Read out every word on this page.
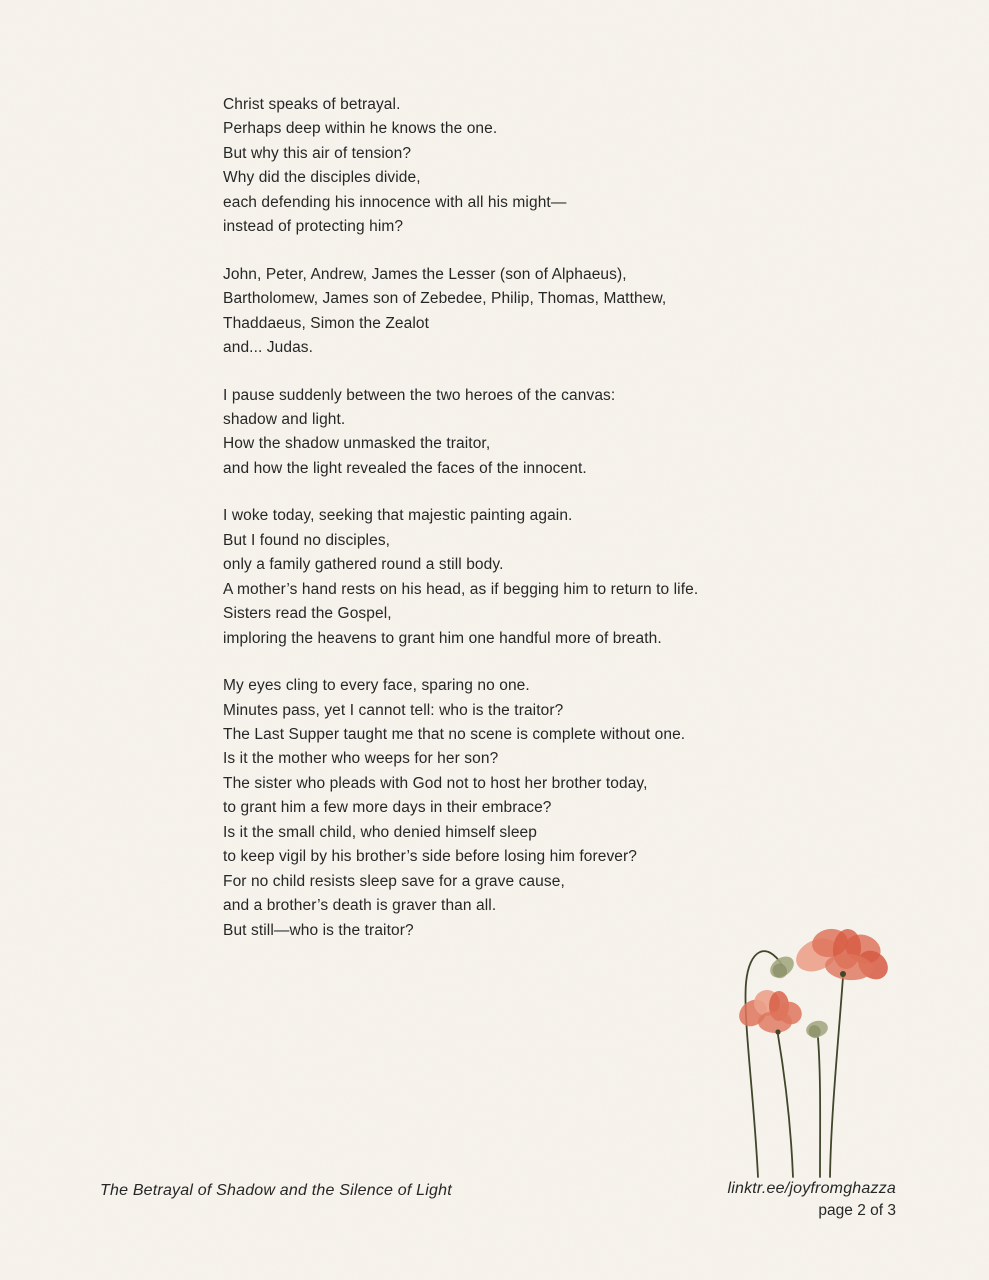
Christ speaks of betrayal.
Perhaps deep within he knows the one.
But why this air of tension?
Why did the disciples divide,
each defending his innocence with all his might—
instead of protecting him?
John, Peter, Andrew, James the Lesser (son of Alphaeus),
Bartholomew, James son of Zebedee, Philip, Thomas, Matthew,
Thaddaeus, Simon the Zealot
and... Judas.
I pause suddenly between the two heroes of the canvas:
shadow and light.
How the shadow unmasked the traitor,
and how the light revealed the faces of the innocent.
I woke today, seeking that majestic painting again.
But I found no disciples,
only a family gathered round a still body.
A mother’s hand rests on his head, as if begging him to return to life.
Sisters read the Gospel,
imploring the heavens to grant him one handful more of breath.
My eyes cling to every face, sparing no one.
Minutes pass, yet I cannot tell: who is the traitor?
The Last Supper taught me that no scene is complete without one.
Is it the mother who weeps for her son?
The sister who pleads with God not to host her brother today,
to grant him a few more days in their embrace?
Is it the small child, who denied himself sleep
to keep vigil by his brother’s side before losing him forever?
For no child resists sleep save for a grave cause,
and a brother’s death is graver than all.
But still—who is the traitor?
The Betrayal of Shadow and the Silence of Light	linktr.ee/joyfromghazza
page 2 of 3
